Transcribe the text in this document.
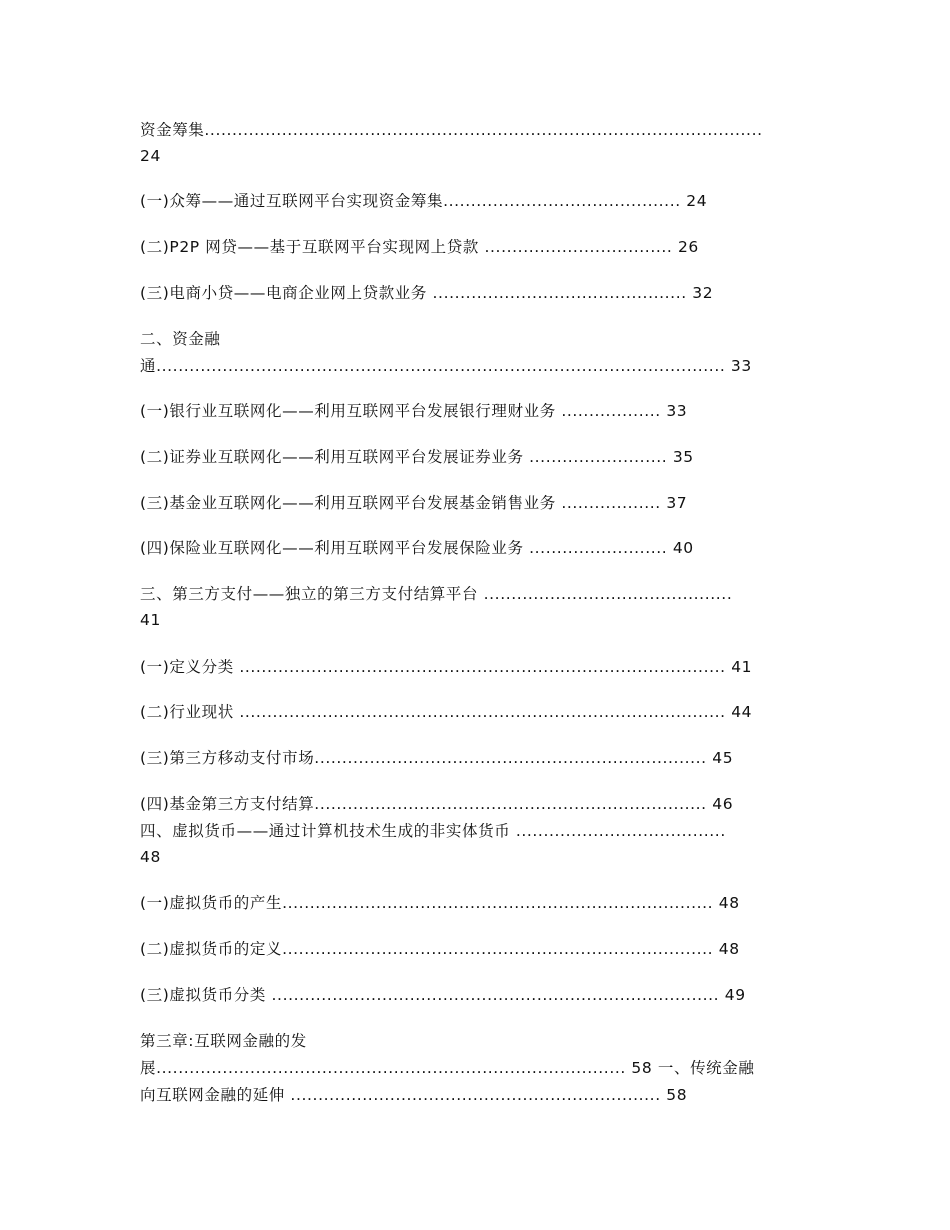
资金筹集.....................................................................................................
24
(一)众筹——通过互联网平台实现资金筹集........................................... 24
(二)P2P 网贷——基于互联网平台实现网上贷款 .................................. 26
(三)电商小贷——电商企业网上贷款业务 .............................................. 32
二、资金融
通....................................................................................................... 33
(一)银行业互联网化——利用互联网平台发展银行理财业务 .................. 33
(二)证券业互联网化——利用互联网平台发展证券业务 ......................... 35
(三)基金业互联网化——利用互联网平台发展基金销售业务 .................. 37
(四)保险业互联网化——利用互联网平台发展保险业务 ......................... 40
三、第三方支付——独立的第三方支付结算平台 .............................................
41
(一)定义分类 ........................................................................................ 41
(二)行业现状 ........................................................................................ 44
(三)第三方移动支付市场....................................................................... 45
(四)基金第三方支付结算....................................................................... 46
四、虚拟货币——通过计算机技术生成的非实体货币 ......................................
48
(一)虚拟货币的产生.............................................................................. 48
(二)虚拟货币的定义.............................................................................. 48
(三)虚拟货币分类 ................................................................................. 49
第三章:互联网金融的发
展..................................................................................... 58 一、传统金融
向互联网金融的延伸 ................................................................... 58
